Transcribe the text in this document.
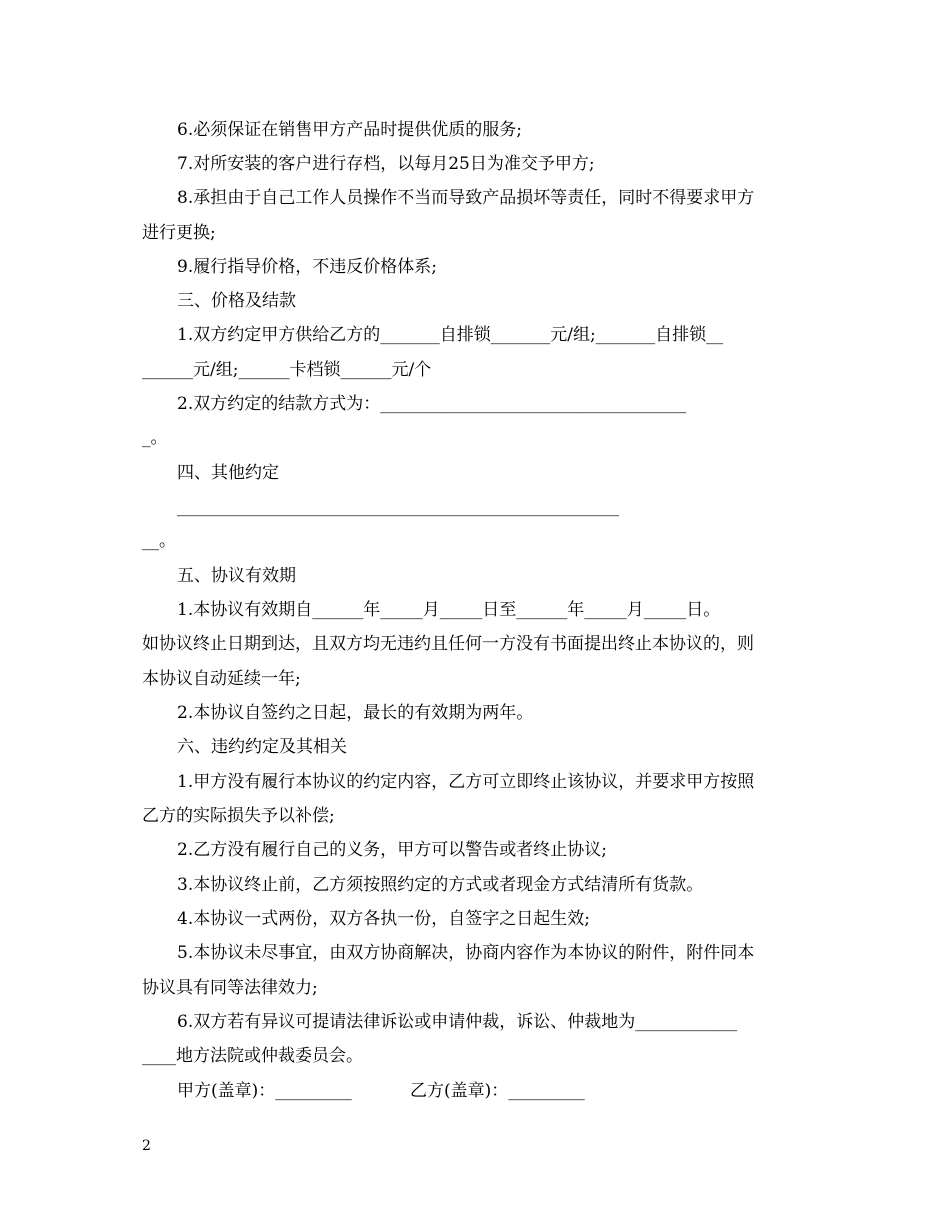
6.必须保证在销售甲方产品时提供优质的服务;

7.对所安装的客户进行存档，以每月25日为准交予甲方;

8.承担由于自己工作人员操作不当而导致产品损坏等责任，同时不得要求甲方

进行更换;

9.履行指导价格，不违反价格体系;

三、价格及结款

1.双方约定甲方供给乙方的_______自排锁_______元/组;_______自排锁__

______元/组;______卡档锁______元/个

2.双方约定的结款方式为：____________________________________

_。

四、其他约定

____________________________________________________

__。

五、协议有效期

1.本协议有效期自______年_____月_____日至______年_____月_____日。

如协议终止日期到达，且双方均无违约且任何一方没有书面提出终止本协议的，则

本协议自动延续一年;

2.本协议自签约之日起，最长的有效期为两年。

六、违约约定及其相关

1.甲方没有履行本协议的约定内容，乙方可立即终止该协议，并要求甲方按照

乙方的实际损失予以补偿;

2.乙方没有履行自己的义务，甲方可以警告或者终止协议;

3.本协议终止前，乙方须按照约定的方式或者现金方式结清所有货款。

4.本协议一式两份，双方各执一份，自签字之日起生效;

5.本协议未尽事宜，由双方协商解决，协商内容作为本协议的附件，附件同本

协议具有同等法律效力;

6.双方若有异议可提请法律诉讼或申请仲裁，诉讼、仲裁地为____________

____地方法院或仲裁委员会。

甲方(盖章)：_________	乙方(盖章)：_________

2
